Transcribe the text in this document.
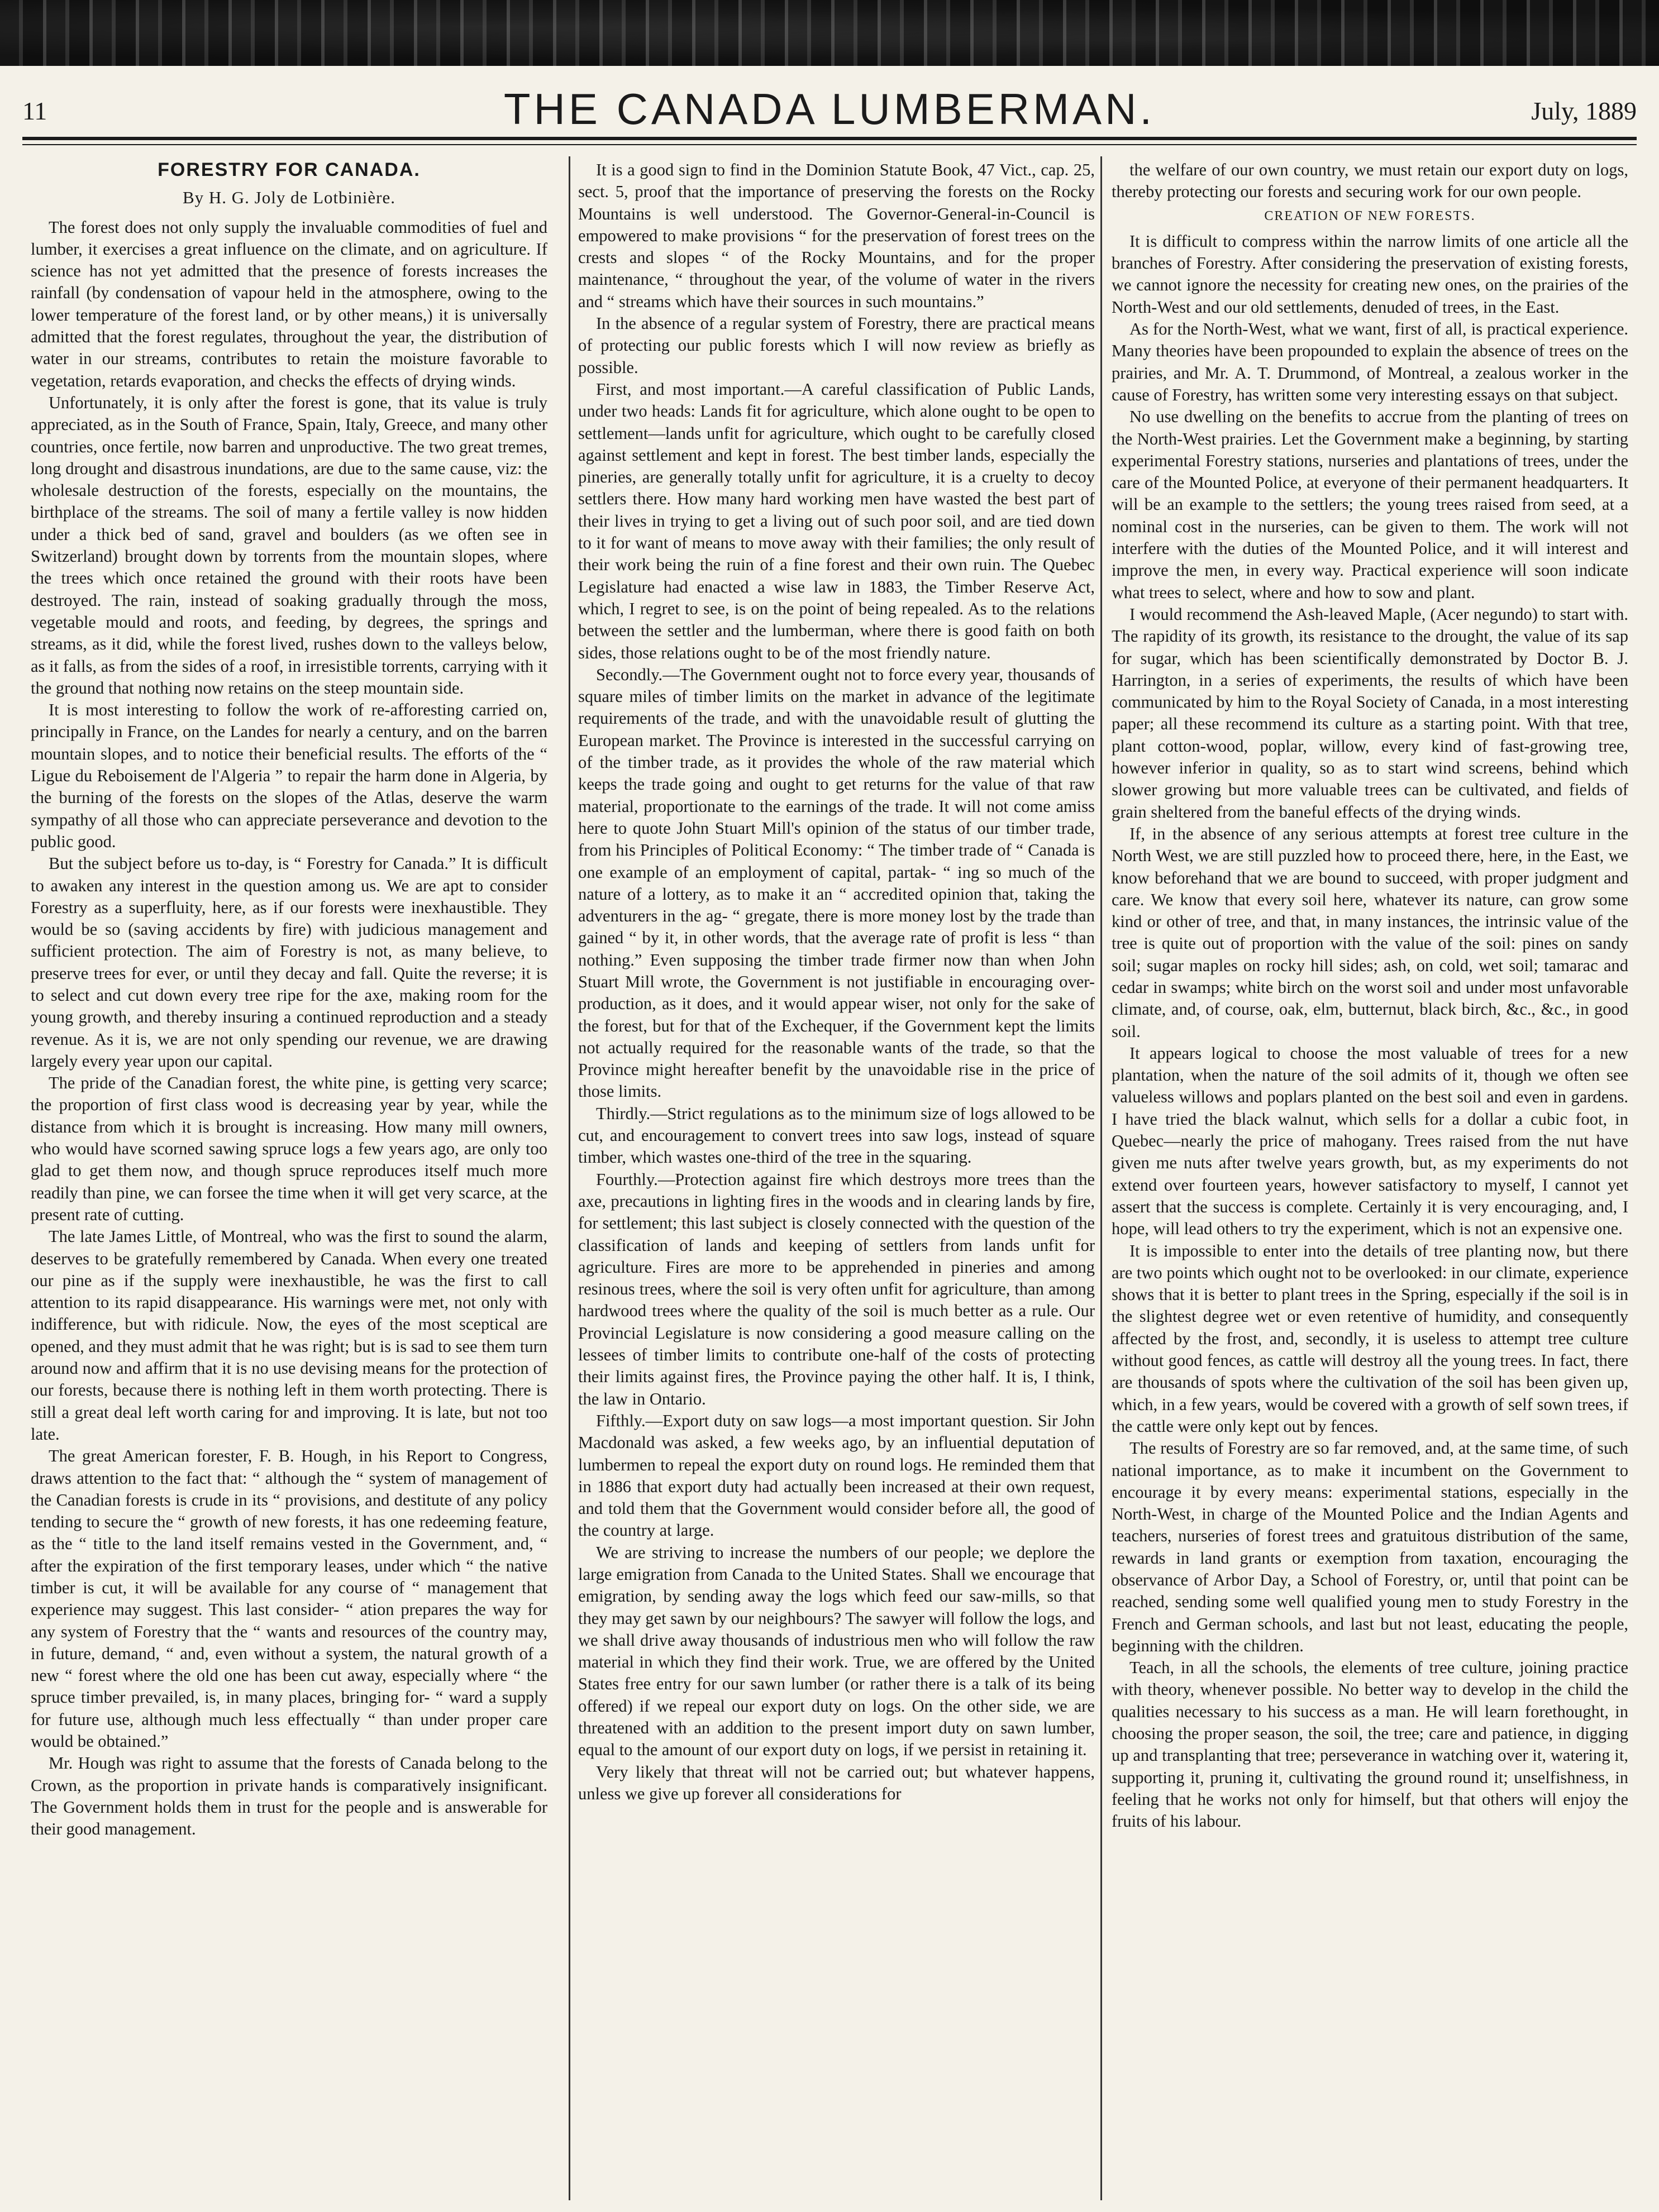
11	THE CANADA LUMBERMAN.	July, 1889
FORESTRY FOR CANADA.
By H. G. Joly de Lotbinière.

The forest does not only supply the invaluable commodities of fuel and lumber, it exercises a great influence on the climate, and on agriculture. If science has not yet admitted that the presence of forests increases the rainfall (by condensation of vapour held in the atmosphere, owing to the lower temperature of the forest land, or by other means,) it is universally admitted that the forest regulates, throughout the year, the distribution of water in our streams, contributes to retain the moisture favorable to vegetation, retards evaporation, and checks the effects of drying winds.

Unfortunately, it is only after the forest is gone, that its value is truly appreciated, as in the South of France, Spain, Italy, Greece, and many other countries, once fertile, now barren and unproductive. The two great tremes, long drought and disastrous inundations, are due to the same cause, viz: the wholesale destruction of the forests, especially on the mountains, the birthplace of the streams. The soil of many a fertile valley is now hidden under a thick bed of sand, gravel and boulders (as we often see in Switzerland) brought down by torrents from the mountain slopes, where the trees which once retained the ground with their roots have been destroyed. The rain, instead of soaking gradually through the moss, vegetable mould and roots, and feeding, by degrees, the springs and streams, as it did, while the forest lived, rushes down to the valleys below, as it falls, as from the sides of a roof, in irresistible torrents, carrying with it the ground that nothing now retains on the steep mountain side.

It is most interesting to follow the work of re-afforesting carried on, principally in France, on the Landes for nearly a century, and on the barren mountain slopes, and to notice their beneficial results. The efforts of the “ Ligue du Reboisement de l'Algeria ” to repair the harm done in Algeria, by the burning of the forests on the slopes of the Atlas, deserve the warm sympathy of all those who can appreciate perseverance and devotion to the public good.

But the subject before us to-day, is “ Forestry for Canada.” It is difficult to awaken any interest in the question among us. We are apt to consider Forestry as a superfluity, here, as if our forests were inexhaustible. They would be so (saving accidents by fire) with judicious management and sufficient protection. The aim of Forestry is not, as many believe, to preserve trees for ever, or until they decay and fall. Quite the reverse; it is to select and cut down every tree ripe for the axe, making room for the young growth, and thereby insuring a continued reproduction and a steady revenue. As it is, we are not only spending our revenue, we are drawing largely every year upon our capital.

The pride of the Canadian forest, the white pine, is getting very scarce; the proportion of first class wood is decreasing year by year, while the distance from which it is brought is increasing. How many mill owners, who would have scorned sawing spruce logs a few years ago, are only too glad to get them now, and though spruce reproduces itself much more readily than pine, we can forsee the time when it will get very scarce, at the present rate of cutting.

The late James Little, of Montreal, who was the first to sound the alarm, deserves to be gratefully remembered by Canada. When every one treated our pine as if the supply were inexhaustible, he was the first to call attention to its rapid disappearance. His warnings were met, not only with indifference, but with ridicule. Now, the eyes of the most sceptical are opened, and they must admit that he was right; but is is sad to see them turn around now and affirm that it is no use devising means for the protection of our forests, because there is nothing left in them worth protecting. There is still a great deal left worth caring for and improving. It is late, but not too late.

The great American forester, F. B. Hough, in his Report to Congress, draws attention to the fact that: “ although the “ system of management of the Canadian forests is crude in its “ provisions, and destitute of any policy tending to secure the “ growth of new forests, it has one redeeming feature, as the “ title to the land itself remains vested in the Government, and, “ after the expiration of the first temporary leases, under which “ the native timber is cut, it will be available for any course of “ management that experience may suggest. This last consider- “ ation prepares the way for any system of Forestry that the “ wants and resources of the country may, in future, demand, “ and, even without a system, the natural growth of a new “ forest where the old one has been cut away, especially where “ the spruce timber prevailed, is, in many places, bringing for- “ ward a supply for future use, although much less effectually “ than under proper care would be obtained.”

Mr. Hough was right to assume that the forests of Canada belong to the Crown, as the proportion in private hands is comparatively insignificant. The Government holds them in trust for the people and is answerable for their good management.

It is a good sign to find in the Dominion Statute Book, 47 Vict., cap. 25, sect. 5, proof that the importance of preserving the forests on the Rocky Mountains is well understood. The Governor-General-in-Council is empowered to make provisions “ for the preservation of forest trees on the crests and slopes “ of the Rocky Mountains, and for the proper maintenance, “ throughout the year, of the volume of water in the rivers and “ streams which have their sources in such mountains.”

In the absence of a regular system of Forestry, there are practical means of protecting our public forests which I will now review as briefly as possible.

First, and most important.—A careful classification of Public Lands, under two heads: Lands fit for agriculture, which alone ought to be open to settlement—lands unfit for agriculture, which ought to be carefully closed against settlement and kept in forest. The best timber lands, especially the pineries, are generally totally unfit for agriculture, it is a cruelty to decoy settlers there. How many hard working men have wasted the best part of their lives in trying to get a living out of such poor soil, and are tied down to it for want of means to move away with their families; the only result of their work being the ruin of a fine forest and their own ruin. The Quebec Legislature had enacted a wise law in 1883, the Timber Reserve Act, which, I regret to see, is on the point of being repealed. As to the relations between the settler and the lumberman, where there is good faith on both sides, those relations ought to be of the most friendly nature.

Secondly.—The Government ought not to force every year, thousands of square miles of timber limits on the market in advance of the legitimate requirements of the trade, and with the unavoidable result of glutting the European market. The Province is interested in the successful carrying on of the timber trade, as it provides the whole of the raw material which keeps the trade going and ought to get returns for the value of that raw material, proportionate to the earnings of the trade. It will not come amiss here to quote John Stuart Mill's opinion of the status of our timber trade, from his Principles of Political Economy: “ The timber trade of “ Canada is one example of an employment of capital, partak- “ ing so much of the nature of a lottery, as to make it an “ accredited opinion that, taking the adventurers in the ag- “ gregate, there is more money lost by the trade than gained “ by it, in other words, that the average rate of profit is less “ than nothing.” Even supposing the timber trade firmer now than when John Stuart Mill wrote, the Government is not justifiable in encouraging over-production, as it does, and it would appear wiser, not only for the sake of the forest, but for that of the Exchequer, if the Government kept the limits not actually required for the reasonable wants of the trade, so that the Province might hereafter benefit by the unavoidable rise in the price of those limits.

Thirdly.—Strict regulations as to the minimum size of logs allowed to be cut, and encouragement to convert trees into saw logs, instead of square timber, which wastes one-third of the tree in the squaring.

Fourthly.—Protection against fire which destroys more trees than the axe, precautions in lighting fires in the woods and in clearing lands by fire, for settlement; this last subject is closely connected with the question of the classification of lands and keeping of settlers from lands unfit for agriculture. Fires are more to be apprehended in pineries and among resinous trees, where the soil is very often unfit for agriculture, than among hardwood trees where the quality of the soil is much better as a rule. Our Provincial Legislature is now considering a good measure calling on the lessees of timber limits to contribute one-half of the costs of protecting their limits against fires, the Province paying the other half. It is, I think, the law in Ontario.

Fifthly.—Export duty on saw logs—a most important question. Sir John Macdonald was asked, a few weeks ago, by an influential deputation of lumbermen to repeal the export duty on round logs. He reminded them that in 1886 that export duty had actually been increased at their own request, and told them that the Government would consider before all, the good of the country at large.

We are striving to increase the numbers of our people; we deplore the large emigration from Canada to the United States. Shall we encourage that emigration, by sending away the logs which feed our saw-mills, so that they may get sawn by our neighbours? The sawyer will follow the logs, and we shall drive away thousands of industrious men who will follow the raw material in which they find their work. True, we are offered by the United States free entry for our sawn lumber (or rather there is a talk of its being offered) if we repeal our export duty on logs. On the other side, we are threatened with an addition to the present import duty on sawn lumber, equal to the amount of our export duty on logs, if we persist in retaining it.

Very likely that threat will not be carried out; but whatever happens, unless we give up forever all considerations for

the welfare of our own country, we must retain our export duty on logs, thereby protecting our forests and securing work for our own people.

CREATION OF NEW FORESTS.

It is difficult to compress within the narrow limits of one article all the branches of Forestry. After considering the preservation of existing forests, we cannot ignore the necessity for creating new ones, on the prairies of the North-West and our old settlements, denuded of trees, in the East.

As for the North-West, what we want, first of all, is practical experience. Many theories have been propounded to explain the absence of trees on the prairies, and Mr. A. T. Drummond, of Montreal, a zealous worker in the cause of Forestry, has written some very interesting essays on that subject.

No use dwelling on the benefits to accrue from the planting of trees on the North-West prairies. Let the Government make a beginning, by starting experimental Forestry stations, nurseries and plantations of trees, under the care of the Mounted Police, at everyone of their permanent headquarters. It will be an example to the settlers; the young trees raised from seed, at a nominal cost in the nurseries, can be given to them. The work will not interfere with the duties of the Mounted Police, and it will interest and improve the men, in every way. Practical experience will soon indicate what trees to select, where and how to sow and plant.

I would recommend the Ash-leaved Maple, (Acer negundo) to start with. The rapidity of its growth, its resistance to the drought, the value of its sap for sugar, which has been scientifically demonstrated by Doctor B. J. Harrington, in a series of experiments, the results of which have been communicated by him to the Royal Society of Canada, in a most interesting paper; all these recommend its culture as a starting point. With that tree, plant cotton-wood, poplar, willow, every kind of fast-growing tree, however inferior in quality, so as to start wind screens, behind which slower growing but more valuable trees can be cultivated, and fields of grain sheltered from the baneful effects of the drying winds.

If, in the absence of any serious attempts at forest tree culture in the North West, we are still puzzled how to proceed there, here, in the East, we know beforehand that we are bound to succeed, with proper judgment and care. We know that every soil here, whatever its nature, can grow some kind or other of tree, and that, in many instances, the intrinsic value of the tree is quite out of proportion with the value of the soil: pines on sandy soil; sugar maples on rocky hill sides; ash, on cold, wet soil; tamarac and cedar in swamps; white birch on the worst soil and under most unfavorable climate, and, of course, oak, elm, butternut, black birch, &c., &c., in good soil.

It appears logical to choose the most valuable of trees for a new plantation, when the nature of the soil admits of it, though we often see valueless willows and poplars planted on the best soil and even in gardens. I have tried the black walnut, which sells for a dollar a cubic foot, in Quebec—nearly the price of mahogany. Trees raised from the nut have given me nuts after twelve years growth, but, as my experiments do not extend over fourteen years, however satisfactory to myself, I cannot yet assert that the success is complete. Certainly it is very encouraging, and, I hope, will lead others to try the experiment, which is not an expensive one.

It is impossible to enter into the details of tree planting now, but there are two points which ought not to be overlooked: in our climate, experience shows that it is better to plant trees in the Spring, especially if the soil is in the slightest degree wet or even retentive of humidity, and consequently affected by the frost, and, secondly, it is useless to attempt tree culture without good fences, as cattle will destroy all the young trees. In fact, there are thousands of spots where the cultivation of the soil has been given up, which, in a few years, would be covered with a growth of self sown trees, if the cattle were only kept out by fences.

The results of Forestry are so far removed, and, at the same time, of such national importance, as to make it incumbent on the Government to encourage it by every means: experimental stations, especially in the North-West, in charge of the Mounted Police and the Indian Agents and teachers, nurseries of forest trees and gratuitous distribution of the same, rewards in land grants or exemption from taxation, encouraging the observance of Arbor Day, a School of Forestry, or, until that point can be reached, sending some well qualified young men to study Forestry in the French and German schools, and last but not least, educating the people, beginning with the children.

Teach, in all the schools, the elements of tree culture, joining practice with theory, whenever possible. No better way to develop in the child the qualities necessary to his success as a man. He will learn forethought, in choosing the proper season, the soil, the tree; care and patience, in digging up and transplanting that tree; perseverance in watching over it, watering it, supporting it, pruning it, cultivating the ground round it; unselfishness, in feeling that he works not only for himself, but that others will enjoy the fruits of his labour.
